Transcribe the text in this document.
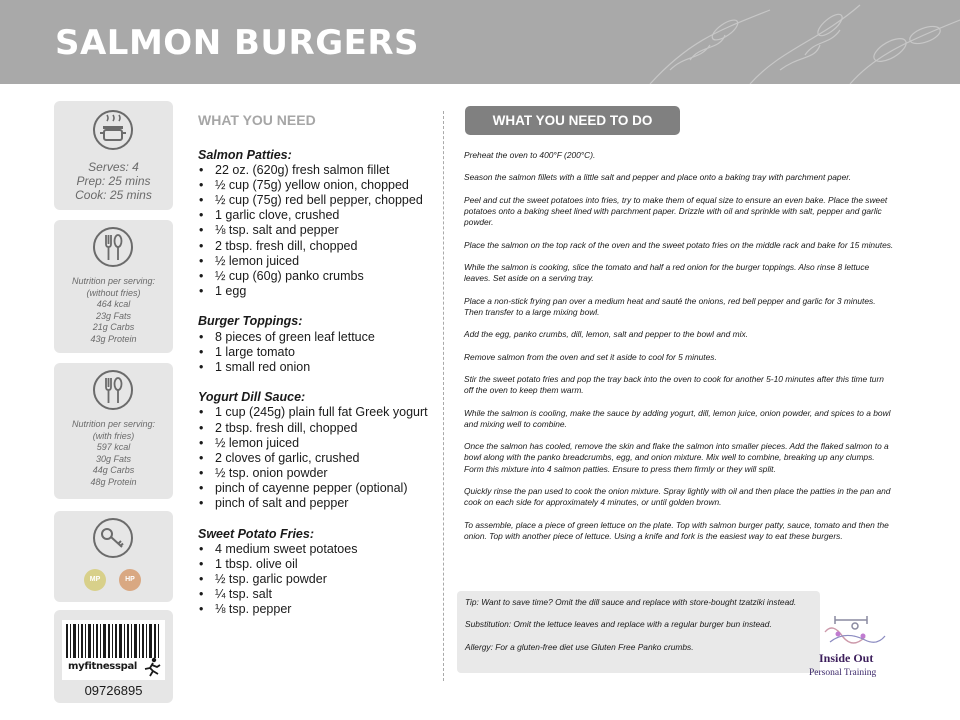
SALMON BURGERS
Serves: 4
Prep: 25 mins
Cook: 25 mins
Nutrition per serving:
(without fries)
464 kcal
23g Fats
21g Carbs
43g Protein
Nutrition per serving:
(with fries)
597 kcal
30g Fats
44g Carbs
48g Protein
MP	HP
myfitnesspal
09726895
WHAT YOU NEED
Salmon Patties:
• 22 oz. (620g) fresh salmon fillet
• ½ cup (75g) yellow onion, chopped
• ½ cup (75g) red bell pepper, chopped
• 1 garlic clove, crushed
• ⅛ tsp. salt and pepper
• 2 tbsp. fresh dill, chopped
• ½ lemon juiced
• ½ cup (60g) panko crumbs
• 1 egg
Burger Toppings:
• 8 pieces of green leaf lettuce
• 1 large tomato
• 1 small red onion
Yogurt Dill Sauce:
• 1 cup (245g) plain full fat Greek yogurt
• 2 tbsp. fresh dill, chopped
• ½ lemon juiced
• 2 cloves of garlic, crushed
• ½ tsp. onion powder
• pinch of cayenne pepper (optional)
• pinch of salt and pepper
Sweet Potato Fries:
• 4 medium sweet potatoes
• 1 tbsp. olive oil
• ½ tsp. garlic powder
• ¼ tsp. salt
• ⅛ tsp. pepper
WHAT YOU NEED TO DO

Preheat the oven to 400°F (200°C).

Season the salmon fillets with a little salt and pepper and place onto a baking tray with parchment paper.

Peel and cut the sweet potatoes into fries, try to make them of equal size to ensure an even bake. Place the sweet potatoes onto a baking sheet lined with parchment paper. Drizzle with oil and sprinkle with salt, pepper and garlic powder.

Place the salmon on the top rack of the oven and the sweet potato fries on the middle rack and bake for 15 minutes.

While the salmon is cooking, slice the tomato and half a red onion for the burger toppings. Also rinse 8 lettuce leaves. Set aside on a serving tray.

Place a non-stick frying pan over a medium heat and sauté the onions, red bell pepper and garlic for 3 minutes. Then transfer to a large mixing bowl.

Add the egg, panko crumbs, dill, lemon, salt and pepper to the bowl and mix.

Remove salmon from the oven and set it aside to cool for 5 minutes.

Stir the sweet potato fries and pop the tray back into the oven to cook for another 5-10 minutes after this time turn off the oven to keep them warm.

While the salmon is cooling, make the sauce by adding yogurt, dill, lemon juice, onion powder, and spices to a bowl and mixing well to combine.

Once the salmon has cooled, remove the skin and flake the salmon into smaller pieces. Add the flaked salmon to a bowl along with the panko breadcrumbs, egg, and onion mixture. Mix well to combine, breaking up any clumps. Form this mixture into 4 salmon patties. Ensure to press them firmly or they will split.

Quickly rinse the pan used to cook the onion mixture. Spray lightly with oil and then place the patties in the pan and cook on each side for approximately 4 minutes, or until golden brown.

To assemble, place a piece of green lettuce on the plate. Top with salmon burger patty, sauce, tomato and then the onion. Top with another piece of lettuce. Using a knife and fork is the easiest way to eat these burgers.

Tip: Want to save time? Omit the dill sauce and replace with store-bought tzatziki instead.

Substitution: Omit the lettuce leaves and replace with a regular burger bun instead.

Allergy: For a gluten-free diet use Gluten Free Panko crumbs.

Inside Out
Personal Training
